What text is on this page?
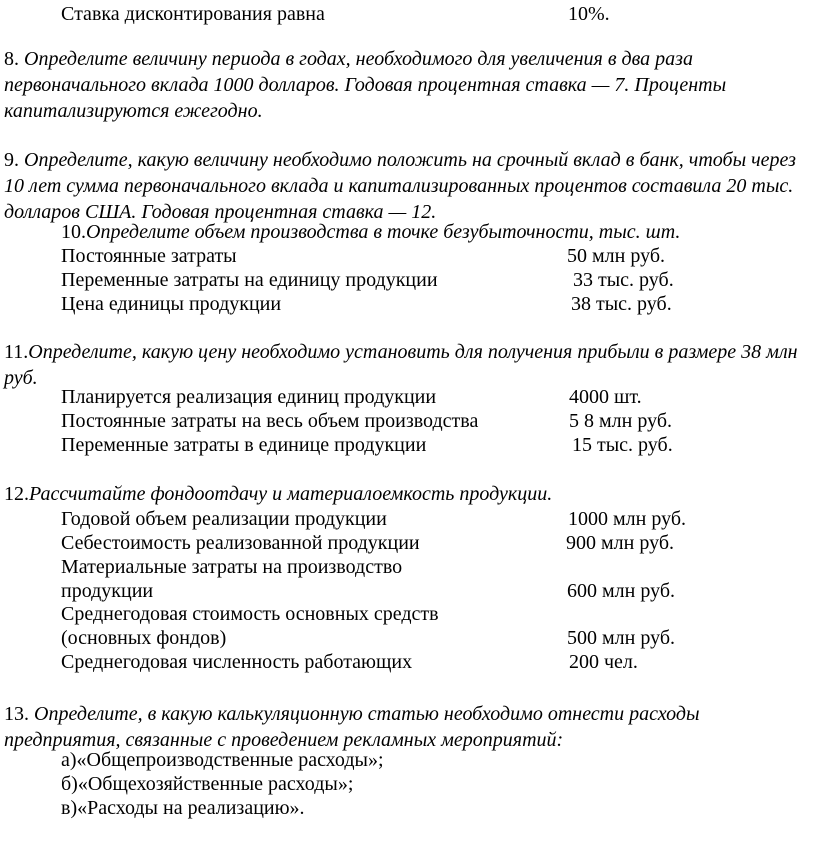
Ставка дисконтирования равна	10%.
8. Определите величину периода в годах, необходимого для увеличения в два раза первоначального вклада 1000 долларов. Годовая процентная ставка — 7. Проценты капитализируются ежегодно.
9. Определите, какую величину необходимо положить на срочный вклад в банк, чтобы через 10 лет сумма первоначального вклада и капитализированных процентов составила 20 тыс. долларов США. Годовая процентная ставка — 12.
10.Определите объем производства в точке безубыточности, тыс. шт.
Постоянные затраты	50 млн руб.
Переменные затраты на единицу продукции	33 тыс. руб.
Цена единицы продукции	38 тыс. руб.
11.Определите, какую цену необходимо установить для получения прибыли в размере 38 млн руб.
Планируется реализация единиц продукции	4000 шт.
Постоянные затраты на весь объем производства	5 8 млн руб.
Переменные затраты в единице продукции	15 тыс. руб.
12.Рассчитайте фондоотдачу и материалоемкость продукции.
Годовой объем реализации продукции	1000 млн руб.
Себестоимость реализованной продукции	900 млн руб.
Материальные затраты на производство
продукции	600 млн руб.
Среднегодовая стоимость основных средств
(основных фондов)	500 млн руб.
Среднегодовая численность работающих	200 чел.
13. Определите, в какую калькуляционную статью необходимо отнести расходы предприятия, связанные с проведением рекламных мероприятий:
а)«Общепроизводственные расходы»;
б)«Общехозяйственные расходы»;
в)«Расходы на реализацию».
